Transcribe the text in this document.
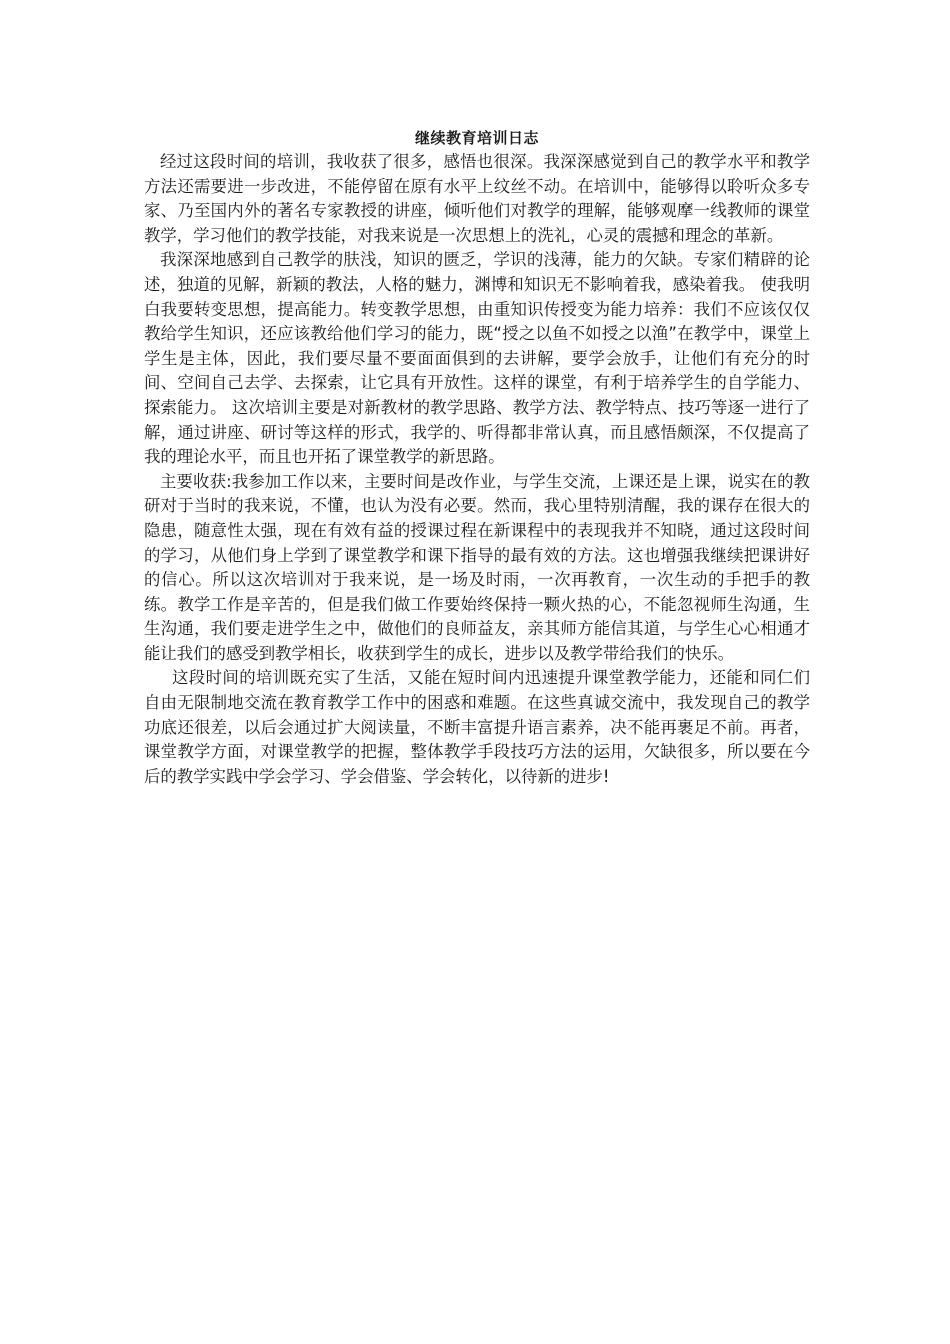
继续教育培训日志

经过这段时间的培训，我收获了很多，感悟也很深。我深深感觉到自己的教学水平和教学方法还需要进一步改进，不能停留在原有水平上纹丝不动。在培训中，能够得以聆听众多专家、乃至国内外的著名专家教授的讲座，倾听他们对教学的理解，能够观摩一线教师的课堂教学，学习他们的教学技能，对我来说是一次思想上的洗礼，心灵的震撼和理念的革新。

我深深地感到自己教学的肤浅，知识的匮乏，学识的浅薄，能力的欠缺。专家们精辟的论述，独道的见解，新颖的教法，人格的魅力，渊博和知识无不影响着我，感染着我。 使我明白我要转变思想，提高能力。转变教学思想，由重知识传授变为能力培养：我们不应该仅仅教给学生知识，还应该教给他们学习的能力，既“授之以鱼不如授之以渔”在教学中，课堂上学生是主体，因此，我们要尽量不要面面俱到的去讲解，要学会放手，让他们有充分的时间、空间自己去学、去探索，让它具有开放性。这样的课堂，有利于培养学生的自学能力、探索能力。 这次培训主要是对新教材的教学思路、教学方法、教学特点、技巧等逐一进行了解，通过讲座、研讨等这样的形式，我学的、听得都非常认真，而且感悟颇深，不仅提高了我的理论水平，而且也开拓了课堂教学的新思路。

主要收获:我参加工作以来，主要时间是改作业，与学生交流，上课还是上课，说实在的教研对于当时的我来说，不懂，也认为没有必要。然而，我心里特别清醒，我的课存在很大的隐患，随意性太强，现在有效有益的授课过程在新课程中的表现我并不知晓，通过这段时间的学习，从他们身上学到了课堂教学和课下指导的最有效的方法。这也增强我继续把课讲好的信心。所以这次培训对于我来说，是一场及时雨，一次再教育，一次生动的手把手的教练。教学工作是辛苦的，但是我们做工作要始终保持一颗火热的心，不能忽视师生沟通，生生沟通，我们要走进学生之中，做他们的良师益友，亲其师方能信其道，与学生心心相通才能让我们的感受到教学相长，收获到学生的成长，进步以及教学带给我们的快乐。

这段时间的培训既充实了生活，又能在短时间内迅速提升课堂教学能力，还能和同仁们自由无限制地交流在教育教学工作中的困惑和难题。在这些真诚交流中，我发现自己的教学功底还很差，以后会通过扩大阅读量，不断丰富提升语言素养，决不能再裹足不前。再者，课堂教学方面，对课堂教学的把握，整体教学手段技巧方法的运用，欠缺很多，所以要在今后的教学实践中学会学习、学会借鉴、学会转化，以待新的进步!
